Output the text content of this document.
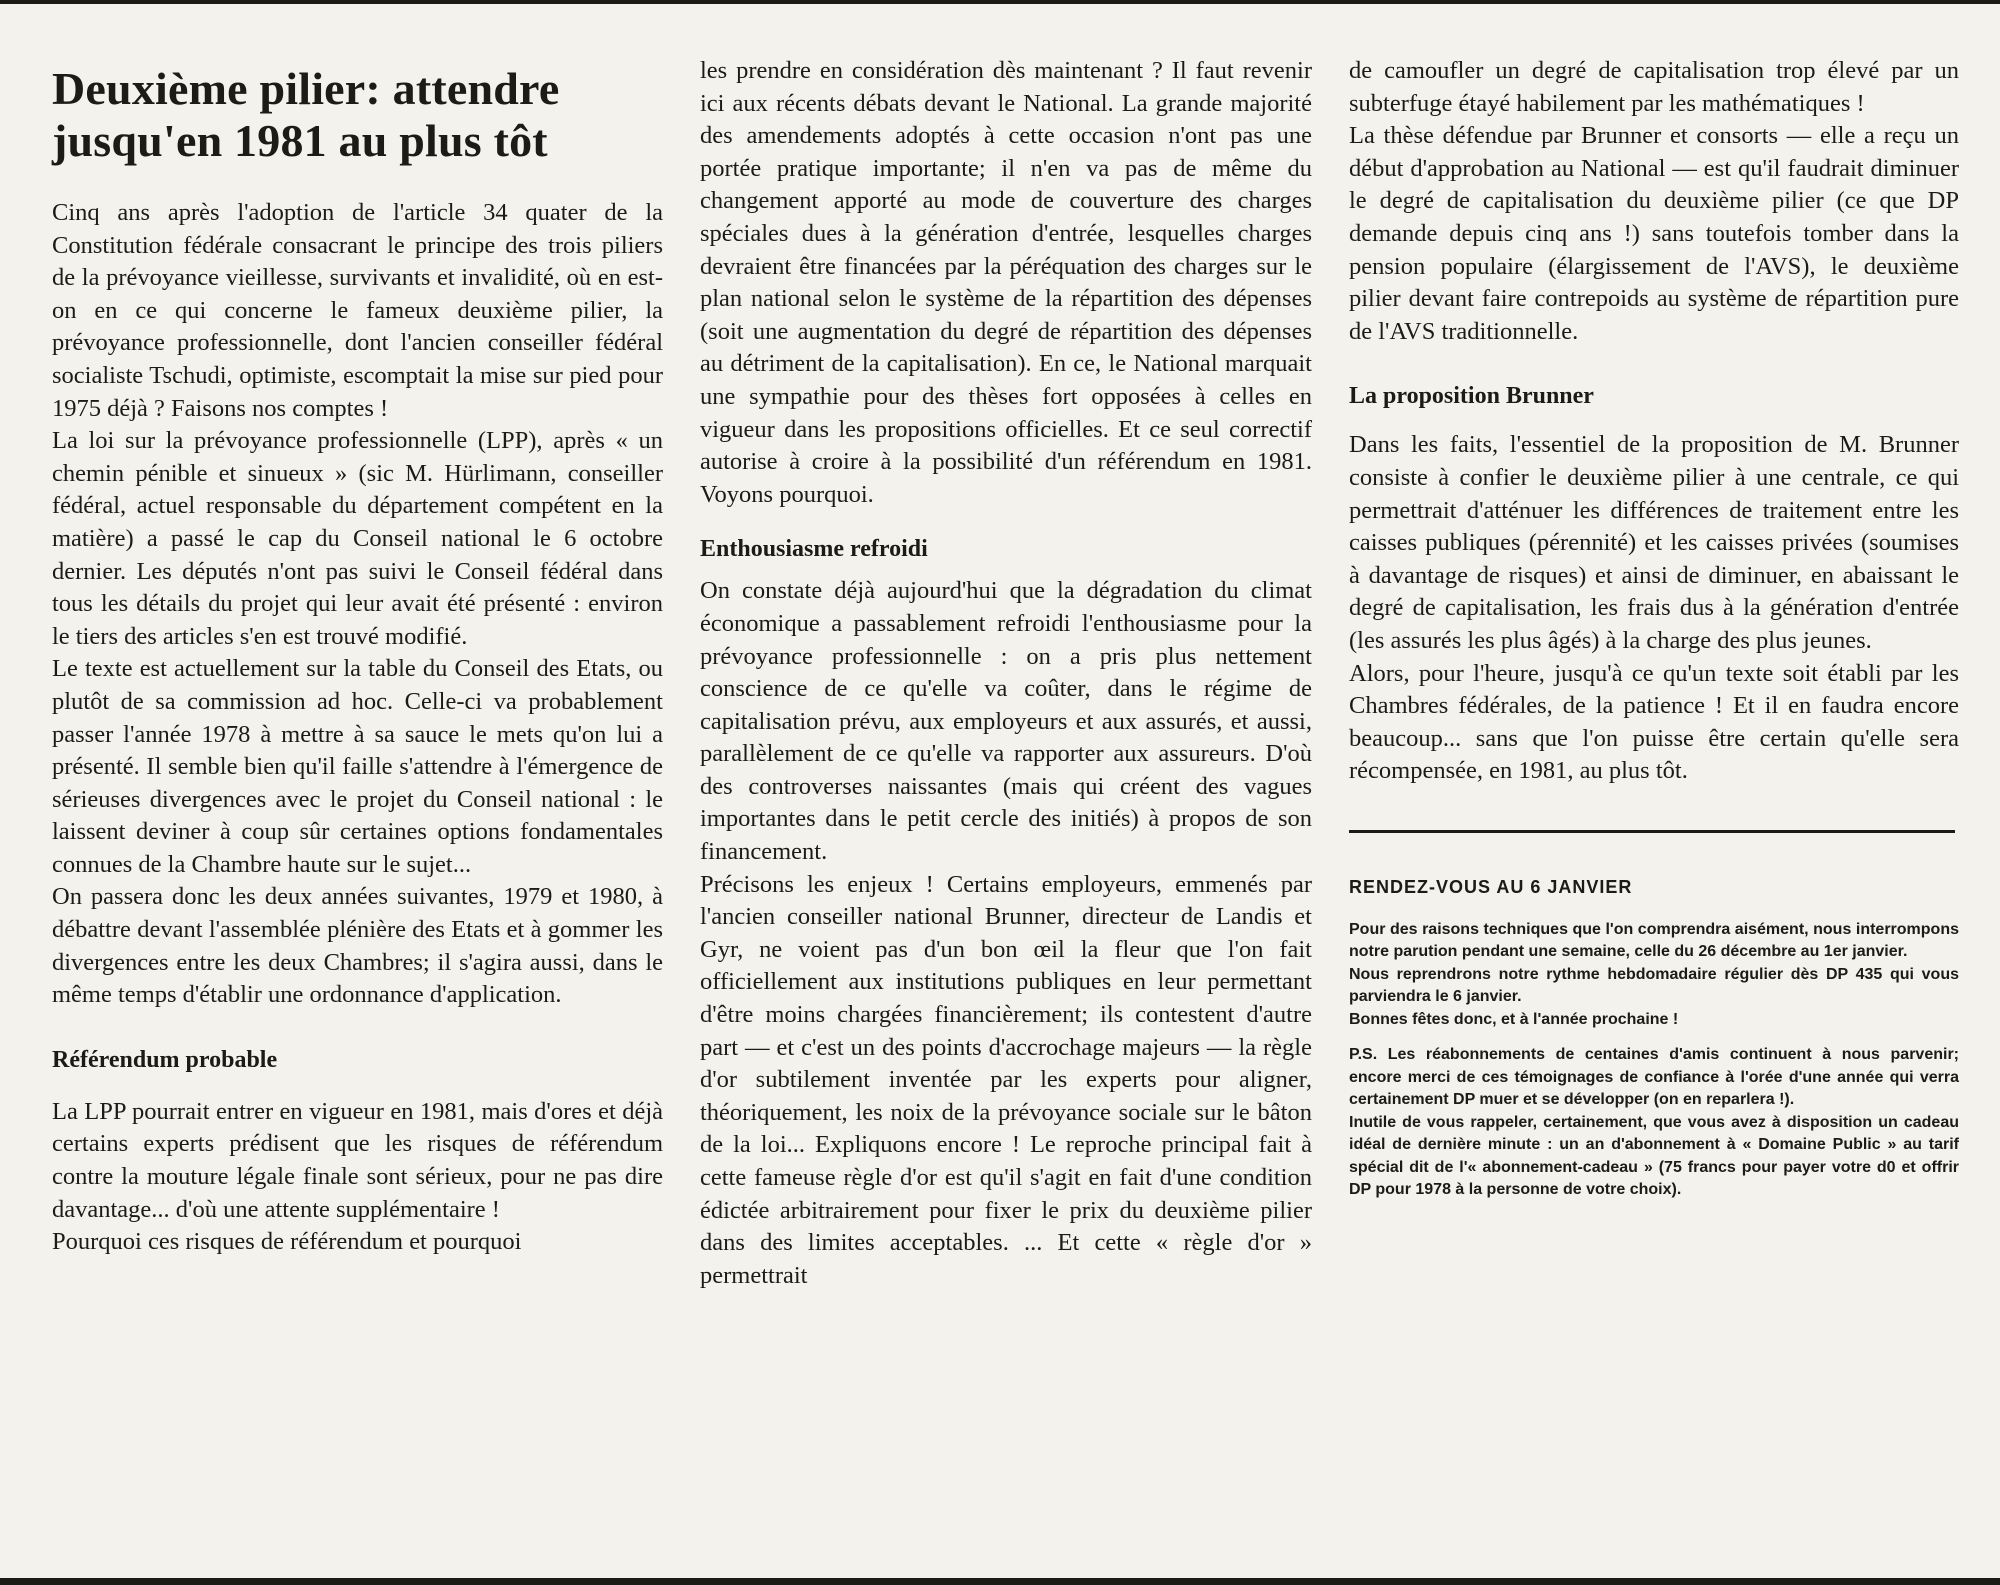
Deuxième pilier: attendre jusqu'en 1981 au plus tôt

Cinq ans après l'adoption de l'article 34 quater de la Constitution fédérale consacrant le principe des trois piliers de la prévoyance vieillesse, survivants et invalidité, où en est-on en ce qui concerne le fameux deuxième pilier, la prévoyance professionnelle, dont l'ancien conseiller fédéral socialiste Tschudi, optimiste, escomptait la mise sur pied pour 1975 déjà ? Faisons nos comptes !

La loi sur la prévoyance professionnelle (LPP), après « un chemin pénible et sinueux » (sic M. Hürlimann, conseiller fédéral, actuel responsable du département compétent en la matière) a passé le cap du Conseil national le 6 octobre dernier. Les députés n'ont pas suivi le Conseil fédéral dans tous les détails du projet qui leur avait été présenté : environ le tiers des articles s'en est trouvé modifié.

Le texte est actuellement sur la table du Conseil des Etats, ou plutôt de sa commission ad hoc. Celle-ci va probablement passer l'année 1978 à mettre à sa sauce le mets qu'on lui a présenté. Il semble bien qu'il faille s'attendre à l'émergence de sérieuses divergences avec le projet du Conseil national : le laissent deviner à coup sûr certaines options fondamentales connues de la Chambre haute sur le sujet...

On passera donc les deux années suivantes, 1979 et 1980, à débattre devant l'assemblée plénière des Etats et à gommer les divergences entre les deux Chambres; il s'agira aussi, dans le même temps d'établir une ordonnance d'application.

Référendum probable

La LPP pourrait entrer en vigueur en 1981, mais d'ores et déjà certains experts prédisent que les risques de référendum contre la mouture légale finale sont sérieux, pour ne pas dire davantage... d'où une attente supplémentaire !

Pourquoi ces risques de référendum et pourquoi

les prendre en considération dès maintenant ? Il faut revenir ici aux récents débats devant le National. La grande majorité des amendements adoptés à cette occasion n'ont pas une portée pratique importante; il n'en va pas de même du changement apporté au mode de couverture des charges spéciales dues à la génération d'entrée, lesquelles charges devraient être financées par la péréquation des charges sur le plan national selon le système de la répartition des dépenses (soit une augmentation du degré de répartition des dépenses au détriment de la capitalisation). En ce, le National marquait une sympathie pour des thèses fort opposées à celles en vigueur dans les propositions officielles. Et ce seul correctif autorise à croire à la possibilité d'un référendum en 1981. Voyons pourquoi.

Enthousiasme refroidi

On constate déjà aujourd'hui que la dégradation du climat économique a passablement refroidi l'enthousiasme pour la prévoyance professionnelle : on a pris plus nettement conscience de ce qu'elle va coûter, dans le régime de capitalisation prévu, aux employeurs et aux assurés, et aussi, parallèlement de ce qu'elle va rapporter aux assureurs. D'où des controverses naissantes (mais qui créent des vagues importantes dans le petit cercle des initiés) à propos de son financement.

Précisons les enjeux ! Certains employeurs, emmenés par l'ancien conseiller national Brunner, directeur de Landis et Gyr, ne voient pas d'un bon œil la fleur que l'on fait officiellement aux institutions publiques en leur permettant d'être moins chargées financièrement; ils contestent d'autre part — et c'est un des points d'accrochage majeurs — la règle d'or subtilement inventée par les experts pour aligner, théoriquement, les noix de la prévoyance sociale sur le bâton de la loi... Expliquons encore ! Le reproche principal fait à cette fameuse règle d'or est qu'il s'agit en fait d'une condition édictée arbitrairement pour fixer le prix du deuxième pilier dans des limites acceptables. ... Et cette « règle d'or » permettrait

de camoufler un degré de capitalisation trop élevé par un subterfuge étayé habilement par les mathématiques !

La thèse défendue par Brunner et consorts — elle a reçu un début d'approbation au National — est qu'il faudrait diminuer le degré de capitalisation du deuxième pilier (ce que DP demande depuis cinq ans !) sans toutefois tomber dans la pension populaire (élargissement de l'AVS), le deuxième pilier devant faire contrepoids au système de répartition pure de l'AVS traditionnelle.

La proposition Brunner

Dans les faits, l'essentiel de la proposition de M. Brunner consiste à confier le deuxième pilier à une centrale, ce qui permettrait d'atténuer les différences de traitement entre les caisses publiques (pérennité) et les caisses privées (soumises à davantage de risques) et ainsi de diminuer, en abaissant le degré de capitalisation, les frais dus à la génération d'entrée (les assurés les plus âgés) à la charge des plus jeunes.

Alors, pour l'heure, jusqu'à ce qu'un texte soit établi par les Chambres fédérales, de la patience ! Et il en faudra encore beaucoup... sans que l'on puisse être certain qu'elle sera récompensée, en 1981, au plus tôt.

RENDEZ-VOUS AU 6 JANVIER

Pour des raisons techniques que l'on comprendra aisément, nous interrompons notre parution pendant une semaine, celle du 26 décembre au 1er janvier.

Nous reprendrons notre rythme hebdomadaire régulier dès DP 435 qui vous parviendra le 6 janvier.

Bonnes fêtes donc, et à l'année prochaine !

P.S. Les réabonnements de centaines d'amis continuent à nous parvenir; encore merci de ces témoignages de confiance à l'orée d'une année qui verra certainement DP muer et se développer (on en reparlera !).

Inutile de vous rappeler, certainement, que vous avez à disposition un cadeau idéal de dernière minute : un an d'abonnement à « Domaine Public » au tarif spécial dit de l'« abonnement-cadeau » (75 francs pour payer votre d0 et offrir DP pour 1978 à la personne de votre choix).
